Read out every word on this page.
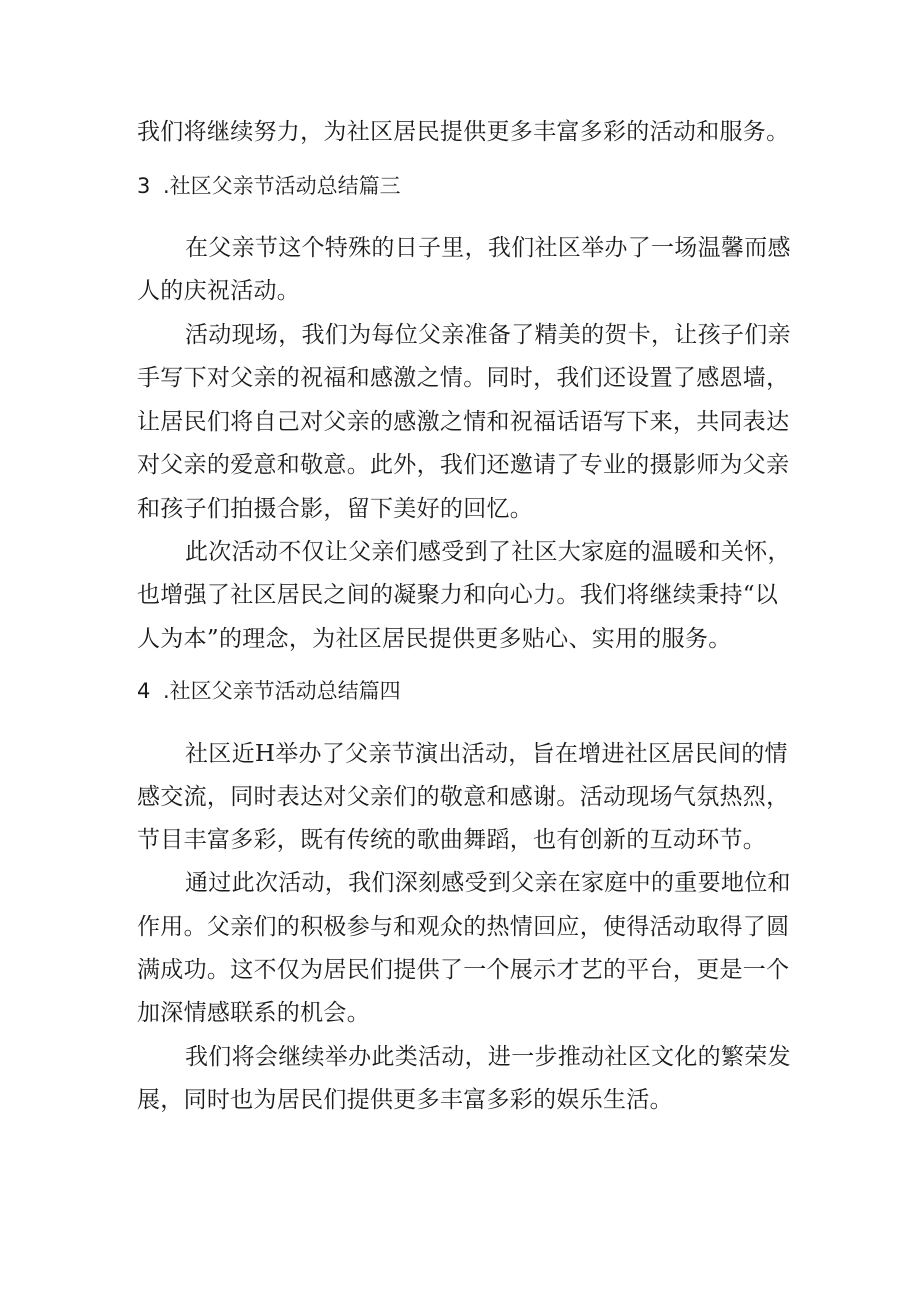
我们将继续努力，为社区居民提供更多丰富多彩的活动和服务。
3 .社区父亲节活动总结篇三
在父亲节这个特殊的日子里，我们社区举办了一场温馨而感
人的庆祝活动。
活动现场，我们为每位父亲准备了精美的贺卡，让孩子们亲
手写下对父亲的祝福和感激之情。同时，我们还设置了感恩墙，
让居民们将自己对父亲的感激之情和祝福话语写下来，共同表达
对父亲的爱意和敬意。此外，我们还邀请了专业的摄影师为父亲
和孩子们拍摄合影，留下美好的回忆。
此次活动不仅让父亲们感受到了社区大家庭的温暖和关怀，
也增强了社区居民之间的凝聚力和向心力。我们将继续秉持“以
人为本”的理念，为社区居民提供更多贴心、实用的服务。
4 .社区父亲节活动总结篇四
社区近H举办了父亲节演出活动，旨在增进社区居民间的情
感交流，同时表达对父亲们的敬意和感谢。活动现场气氛热烈，
节目丰富多彩，既有传统的歌曲舞蹈，也有创新的互动环节。
通过此次活动，我们深刻感受到父亲在家庭中的重要地位和
作用。父亲们的积极参与和观众的热情回应，使得活动取得了圆
满成功。这不仅为居民们提供了一个展示才艺的平台，更是一个
加深情感联系的机会。
我们将会继续举办此类活动，进一步推动社区文化的繁荣发
展，同时也为居民们提供更多丰富多彩的娱乐生活。
